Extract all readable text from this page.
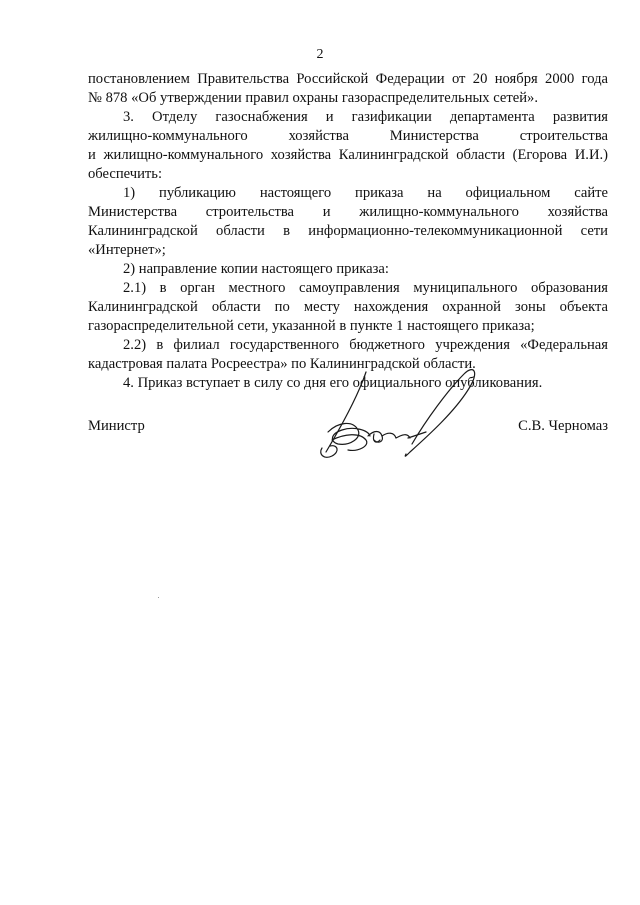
2

постановлением Правительства Российской Федерации от 20 ноября 2000 года
№ 878 «Об утверждении правил охраны газораспределительных сетей».

3. Отделу газоснабжения и газификации департамента развития
жилищно-коммунального хозяйства Министерства строительства
и жилищно-коммунального хозяйства Калининградской области (Егорова И.И.)
обеспечить:

1) публикацию настоящего приказа на официальном сайте
Министерства строительства и жилищно-коммунального хозяйства
Калининградской области в информационно-телекоммуникационной сети
«Интернет»;

2) направление копии настоящего приказа:

2.1) в орган местного самоуправления муниципального образования
Калининградской области по месту нахождения охранной зоны объекта
газораспределительной сети, указанной в пункте 1 настоящего приказа;

2.2) в филиал государственного бюджетного учреждения «Федеральная
кадастровая палата Росреестра» по Калининградской области.

4. Приказ вступает в силу со дня его официального опубликования.

Министр	С.В. Черномаз
